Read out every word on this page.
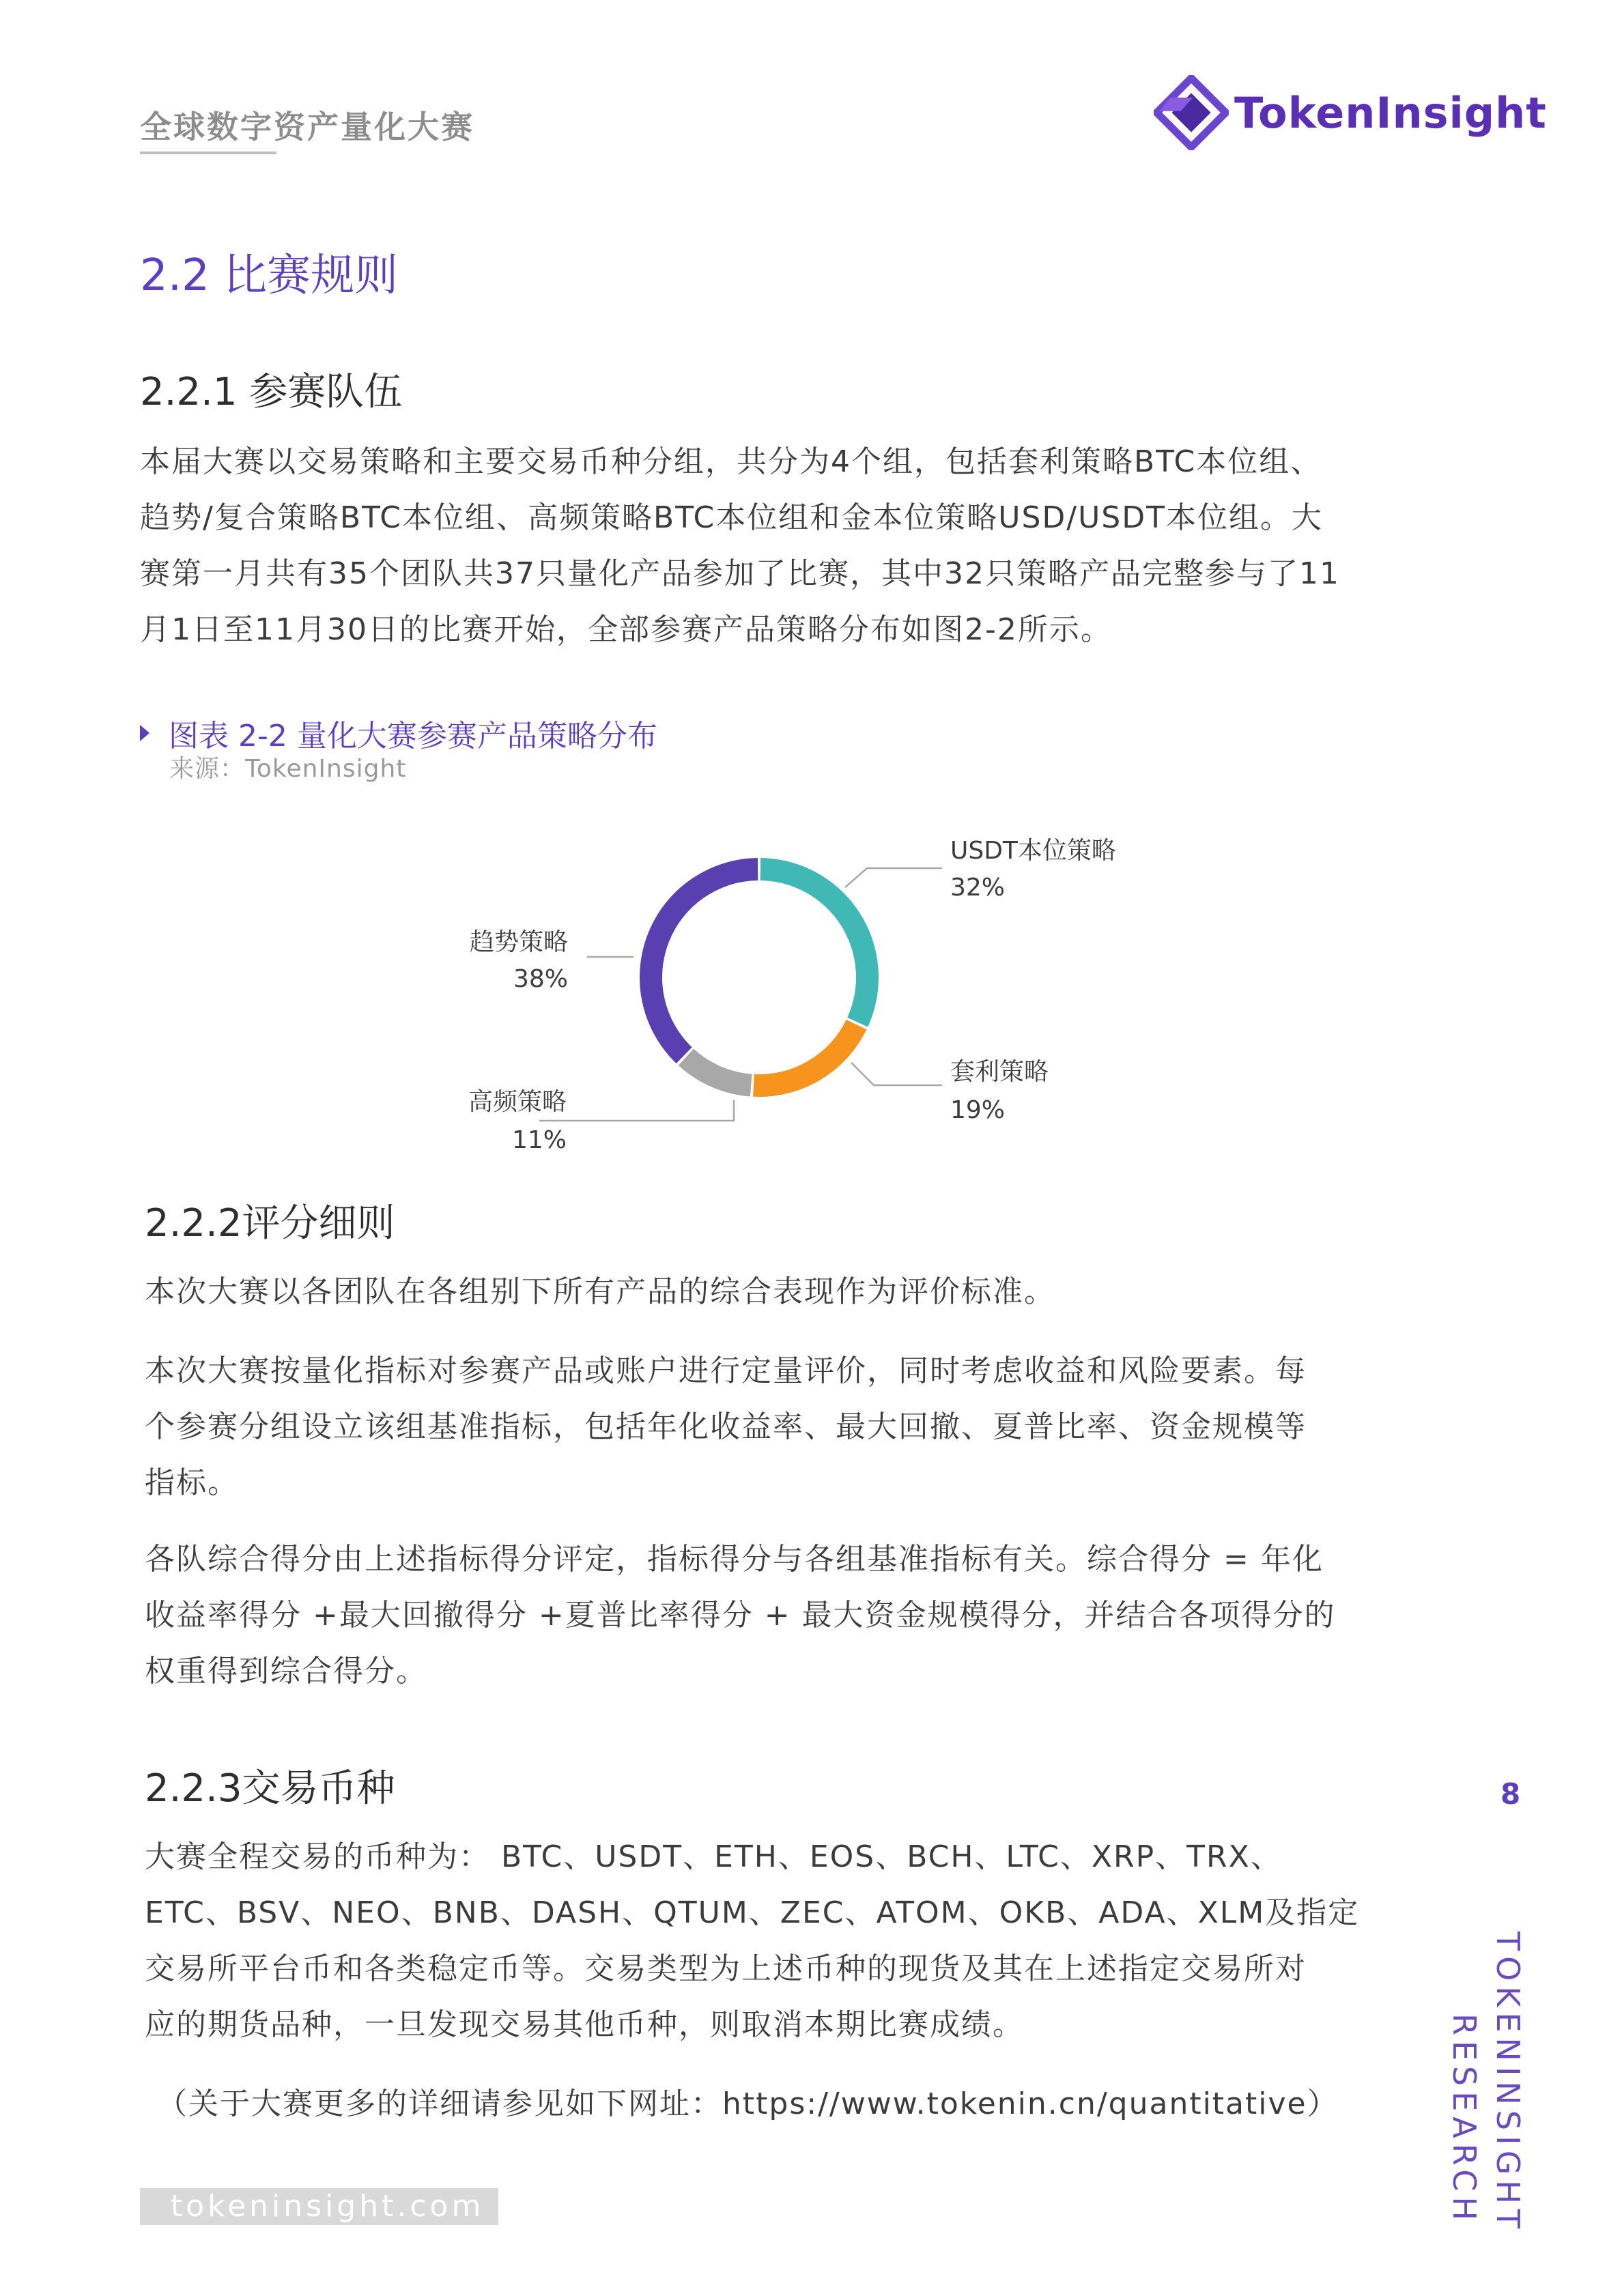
全球数字资产量化大赛	TokenInsight
2.2 比赛规则
2.2.1 参赛队伍
本届大赛以交易策略和主要交易币种分组，共分为4个组，包括套利策略BTC本位组、
趋势/复合策略BTC本位组、高频策略BTC本位组和金本位策略USD/USDT本位组。大
赛第一月共有35个团队共37只量化产品参加了比赛，其中32只策略产品完整参与了11
月1日至11月30日的比赛开始，全部参赛产品策略分布如图2-2所示。
图表 2-2 量化大赛参赛产品策略分布
来源：TokenInsight
USDT本位策略
32%
套利策略
19%
高频策略
11%
趋势策略
38%
2.2.2评分细则
本次大赛以各团队在各组别下所有产品的综合表现作为评价标准。
本次大赛按量化指标对参赛产品或账户进行定量评价，同时考虑收益和风险要素。每
个参赛分组设立该组基准指标，包括年化收益率、最大回撤、夏普比率、资金规模等
指标。
各队综合得分由上述指标得分评定，指标得分与各组基准指标有关。综合得分 = 年化
收益率得分 +最大回撤得分 +夏普比率得分 + 最大资金规模得分，并结合各项得分的
权重得到综合得分。
2.2.3交易币种
大赛全程交易的币种为： BTC、USDT、ETH、EOS、BCH、LTC、XRP、TRX、
ETC、BSV、NEO、BNB、DASH、QTUM、ZEC、ATOM、OKB、ADA、XLM及指定
交易所平台币和各类稳定币等。交易类型为上述币种的现货及其在上述指定交易所对
应的期货品种，一旦发现交易其他币种，则取消本期比赛成绩。
（关于大赛更多的详细请参见如下网址：https://www.tokenin.cn/quantitative）
tokeninsight.com
8
TOKENINSIGHT
RESEARCH
